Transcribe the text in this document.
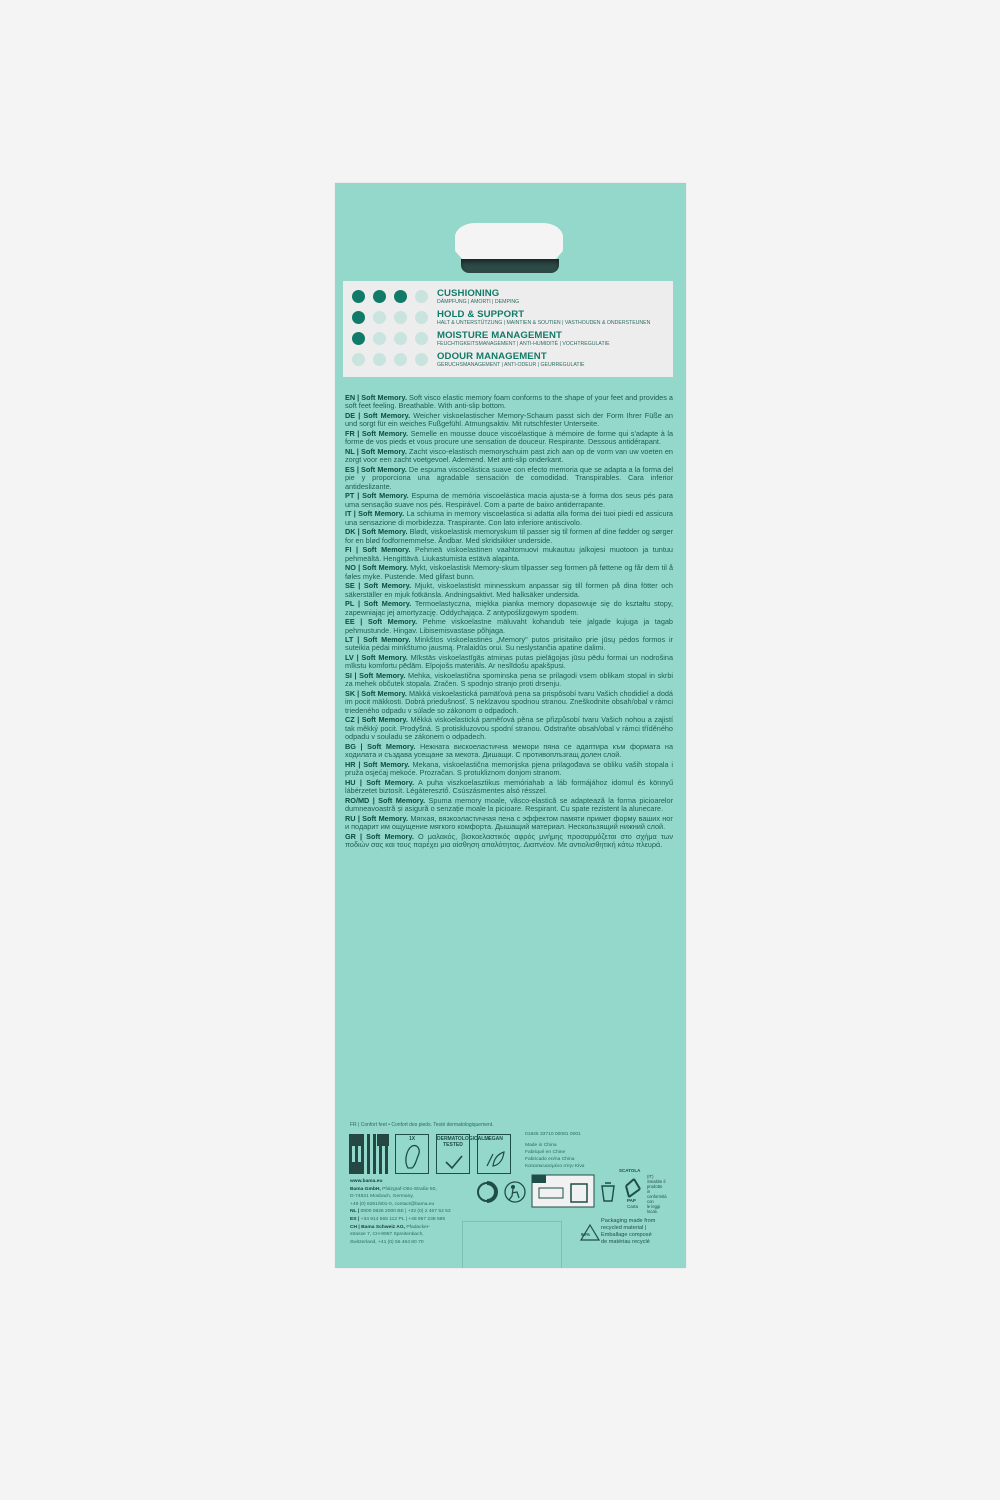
CUSHIONING
DÄMPFUNG | AMORTI | DEMPING
HOLD & SUPPORT
HALT & UNTERSTÜTZUNG | MAINTIEN & SOUTIEN | VASTHOUDEN & ONDERSTEUNEN
MOISTURE MANAGEMENT
FEUCHTIGKEITSMANAGEMENT | ANTI-HUMIDITÉ | VOCHTREGULATIE
ODOUR MANAGEMENT
GERUCHSMANAGEMENT | ANTI-ODEUR | GEURREGULATIE

EN | Soft Memory. Soft visco elastic memory foam conforms to the shape of your feet and provides a soft feet feeling. Breathable. With anti-slip bottom.

DE | Soft Memory. Weicher viskoelastischer Memory-Schaum passt sich der Form Ihrer Füße an und sorgt für ein weiches Fußgefühl. Atmungsaktiv. Mit rutschfester Unterseite.

FR | Soft Memory. Semelle en mousse douce viscoélastique à mémoire de forme qui s'adapte à la forme de vos pieds et vous procure une sensation de douceur. Respirante. Dessous antidérapant.

NL | Soft Memory. Zacht visco-elastisch memoryschuim past zich aan op de vorm van uw voeten en zorgt voor een zacht voetgevoel. Ademend. Met anti-slip onderkant.

ES | Soft Memory. De espuma viscoelástica suave con efecto memoria que se adapta a la forma del pie y proporciona una agradable sensación de comodidad. Transpirables. Cara inferior antideslizante.

PT | Soft Memory. Espuma de memória viscoelástica macia ajusta-se à forma dos seus pés para uma sensação suave nos pés. Respirável. Com a parte de baixo antiderrapante.

IT | Soft Memory. La schiuma in memory viscoelastica si adatta alla forma dei tuoi piedi ed assicura una sensazione di morbidezza. Traspirante. Con lato inferiore antiscivolo.

DK | Soft Memory. Blødt, viskoelastisk memoryskum til passer sig til formen af dine fødder og sørger for en blød fodfornemmelse. Åndbar. Med skridsikker underside.

FI | Soft Memory. Pehmeä viskoelastinen vaahtomuovi mukautuu jalkojesi muotoon ja tuntuu pehmeältä. Hengittävä. Liukastumista estävä alapinta.

NO | Soft Memory. Mykt, viskoelastisk Memory-skum tilpasser seg formen på føttene og får dem til å føles myke. Pustende. Med glifast bunn.

SE | Soft Memory. Mjukt, viskoelastiskt minnesskum anpassar sig till formen på dina fötter och säkerställer en mjuk fotkänsla. Andningsaktivt. Med halksäker undersida.

PL | Soft Memory. Termoelastyczna, miękka pianka memory dopasowuje się do kształtu stopy, zapewniając jej amortyzację. Oddychająca. Z antypoślizgowym spodem.

EE | Soft Memory. Pehme viskoelastne mäluvaht kohandub teie jalgade kujuga ja tagab pehmustunde. Hingav. Libisemisvastase põhjaga.

LT | Soft Memory. Minkštos viskoelastinės „Memory" putos prisitaiko prie jūsų pėdos formos ir suteikia pėdai minkštumo jausmą. Pralaidūs orui. Su neslystančia apatine dalimi.

LV | Soft Memory. Mīkstās viskoelastīgās atmiņas putas pielāgojas jūsu pēdu formai un nodrošina mīkstu komfortu pēdām. Elpojošs materiāls. Ar neslīdošu apakšpusi.

SI | Soft Memory. Mehka, viskoelastična spominska pena se prilagodi vsem oblikam stopal in skrbi za mehek občutek stopala. Zračen. S spodnjo stranjo proti drsenju.

SK | Soft Memory. Mäkká viskoelastická pamäťová pena sa prispôsobí tvaru Vašich chodidiel a dodá im pocit mäkkosti. Dobrá priedušnosť. S neklzavou spodnou stranou. Zneškodnite obsah/obal v rámci triedeného odpadu v súlade so zákonom o odpadoch.

CZ | Soft Memory. Měkká viskoelastická paměťová pěna se přizpůsobí tvaru Vašich nohou a zajistí tak měkký pocit. Prodyšná. S protiskluzovou spodní stranou. Odstraňte obsah/obal v rámci tříděného odpadu v souladu se zákonem o odpadech.

BG | Soft Memory. Нежната вискоеластична мемори пяна се адаптира към формата на ходилата и създава усещане за мекота. Дишащи. С противоплъзгащ долен слой.

HR | Soft Memory. Mekana, viskoelastična memorijska pjena prilagođava se obliku vaših stopala i pruža osjećaj mekoće. Prozračan. S protukliznom donjom stranom.

HU | Soft Memory. A puha viszkoelasztikus memóriahab a láb formájához idomul és könnyű lábérzetet biztosít. Légáteresztő. Csúszásmentes alsó résszel.

RO/MD | Soft Memory. Spuma memory moale, vâsco-elastică se adaptează la forma picioarelor dumneavoastră și asigură o senzație moale la picioare. Respirant. Cu spate rezistent la alunecare.

RU | Soft Memory. Мягкая, вязкоэластичная пена с эффектом памяти примет форму ваших ног и подарит им ощущение мягкого комфорта. Дышащий материал. Нескользящий нижний слой.

GR | Soft Memory. Ο μαλακός, βισκοελαστικός αφρός μνήμης προσαρμόζεται στο σχήμα των ποδιών σας και τους παρέχει μια αίσθηση απαλότητας. Διαπνέον. Με αντιολισθητική κάτω πλευρά.

FR | Confort feet • Confort des pieds. Testé dermatologiquement.
1X	DERMATOLOGICALLY TESTED
VEGAN
01845 33710 00081 0001
Made in China
Fabriqué en Chine
Fabricado en/na China
Κατασκευασμένο στην Κίνα
www.bama.eu
Bama GmbH, Pfalzgraf-Otto-Straße 50,
D-74821 Mosbach, Germany,
+49 (0) 6261/801-0, contact@bama.eu
NL | 0800 0826 2000 BE | +32 (0) 2 467 52 53
ES | +34 914 565 112 PL | +48 957 238 595
CH | Bama Schweiz AG, Pfadacker-
strasse 7, CH-8957 Spreitenbach,
Switzerland, +41 (0) 56 464 60 70
SCATOLA
PAP
Carta
(IT) Smaltire il
prodotto in
conformità con
le leggi locali.
90%
Packaging made from
recycled material |
Emballage composé
de matériau recyclé
